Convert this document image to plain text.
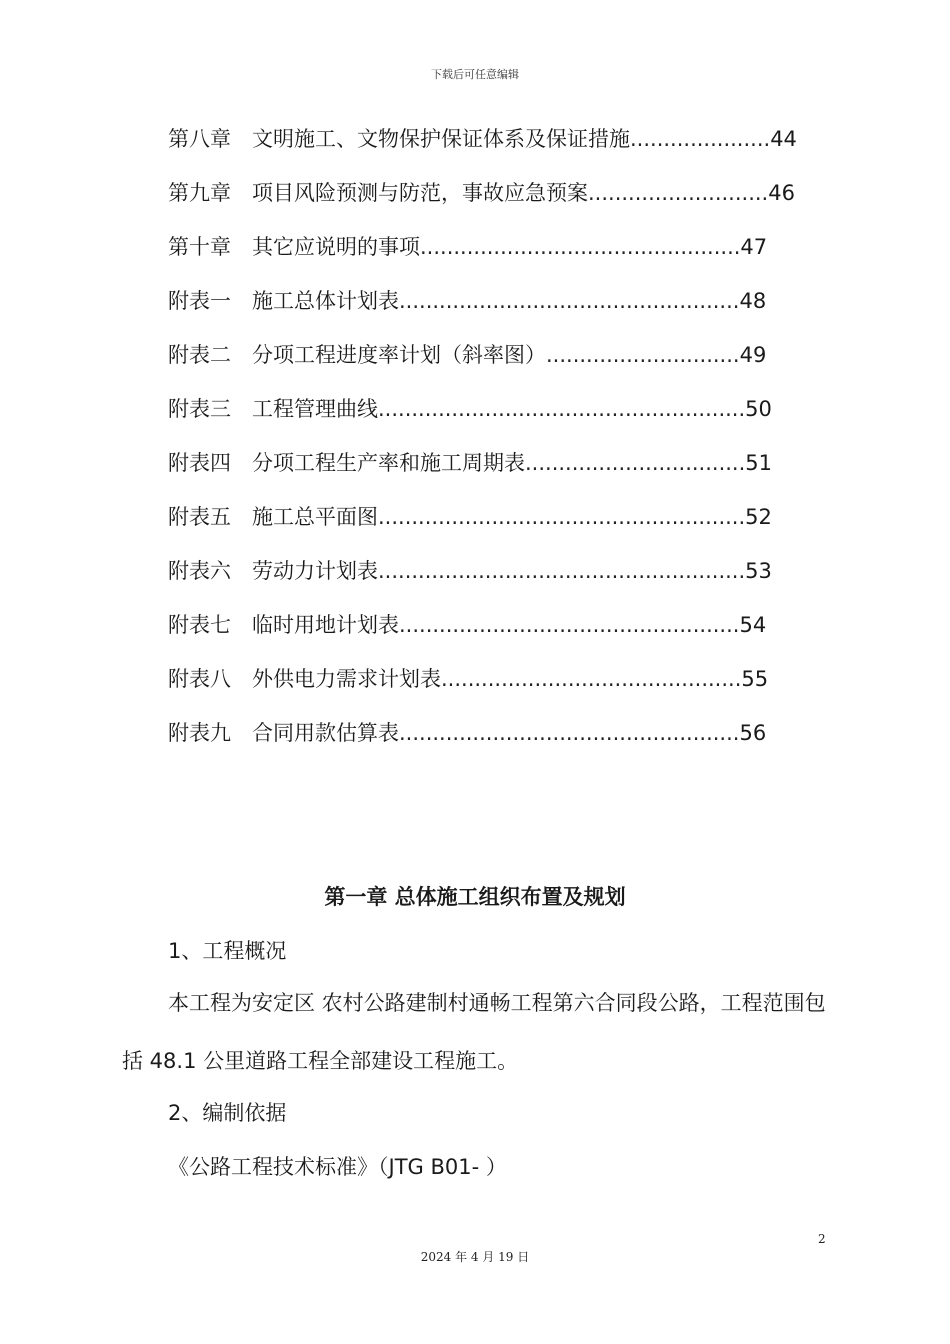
下载后可任意编辑
第八章 文明施工、文物保护保证体系及保证措施.....................44
第九章 项目风险预测与防范，事故应急预案...........................46
第十章 其它应说明的事项................................................47
附表一 施工总体计划表...................................................48
附表二 分项工程进度率计划（斜率图）.............................49
附表三 工程管理曲线.......................................................50
附表四 分项工程生产率和施工周期表.................................51
附表五 施工总平面图.......................................................52
附表六 劳动力计划表.......................................................53
附表七 临时用地计划表...................................................54
附表八 外供电力需求计划表.............................................55
附表九 合同用款估算表...................................................56
第一章 总体施工组织布置及规划
1、工程概况
本工程为安定区 农村公路建制村通畅工程第六合同段公路，工程范围包括 48.1 公里道路工程全部建设工程施工。
2、编制依据
《公路工程技术标准》（JTG B01- ）
2
2024 年 4 月 19 日
